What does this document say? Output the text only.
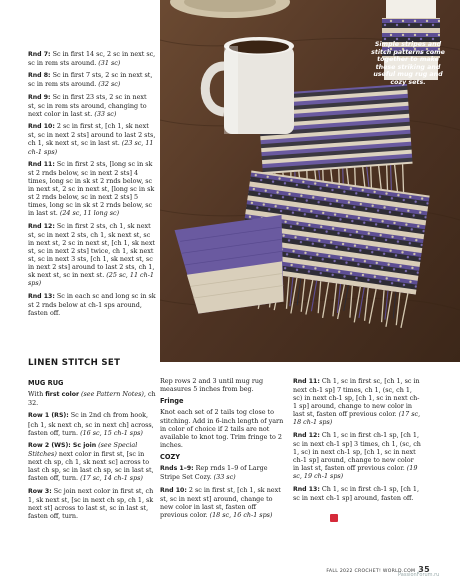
Rnd 7: Sc in first 14 sc, 2 sc in next sc, sc in rem sts around. (31 sc)

Rnd 8: Sc in first 7 sts, 2 sc in next st, sc in rem sts around. (32 sc)

Rnd 9: Sc in first 23 sts, 2 sc in next st, sc in rem sts around, changing to next color in last st. (33 sc)

Rnd 10: 2 sc in first st, [ch 1, sk next st, sc in next 2 sts] around to last 2 sts, ch 1, sk next st, sc in last st. (23 sc, 11 ch-1 sps)

Rnd 11: Sc in first 2 sts, [long sc in sk st 2 rnds below, sc in next 2 sts] 4 times, long sc in sk st 2 rnds below, sc in next st, 2 sc in next st, [long sc in sk st 2 rnds below, sc in next 2 sts] 5 times, long sc in sk st 2 rnds below, sc in last st. (24 sc, 11 long sc)

Rnd 12: Sc in first 2 sts, ch 1, sk next st, sc in next 2 sts, ch 1, sk next st, sc in next st, 2 sc in next st, [ch 1, sk next st, sc in next 2 sts] twice, ch 1, sk next st, sc in next 3 sts, [ch 1, sk next st, sc in next 2 sts] around to last 2 sts, ch 1, sk next st, sc in next st. (25 sc, 11 ch-1 sps)

Rnd 13: Sc in each sc and long sc in sk st 2 rnds below at ch-1 sps around, fasten off.

Simple stripes and stitch patterns come together to make these striking and useful mug rug and cozy sets.
LINEN STITCH SET
MUG RUG

With first color (see Pattern Notes), ch 32.

Row 1 (RS): Sc in 2nd ch from hook, [ch 1, sk next ch, sc in next ch] across, fasten off, turn. (16 sc, 15 ch-1 sps)

Row 2 (WS): Sc join (see Special Stitches) next color in first st, [sc in next ch sp, ch 1, sk next sc] across to last ch sp, sc in last ch sp, sc in last st, fasten off, turn. (17 sc, 14 ch-1 sps)

Row 3: Sc join next color in first st, ch 1, sk next st, [sc in next ch sp, ch 1, sk next st] across to last st, sc in last st, fasten off, turn.

Rep rows 2 and 3 until mug rug measures 5 inches from beg.

Fringe

Knot each set of 2 tails tog close to stitching. Add in 6-inch length of yarn in color of choice if 2 tails are not available to knot tog. Trim fringe to 2 inches.

COZY

Rnds 1–9: Rep rnds 1–9 of Large Stripe Set Cozy. (33 sc)

Rnd 10: 2 sc in first st, [ch 1, sk next st, sc in next st] around, change to new color in last st, fasten off previous color. (18 sc, 16 ch-1 sps)

Rnd 11: Ch 1, sc in first sc, [ch 1, sc in next ch-1 sp] 7 times, ch 1, (sc, ch 1, sc) in next ch-1 sp, [ch 1, sc in next ch-1 sp] around, change to new color in last st, fasten off previous color. (17 sc, 18 ch-1 sps)

Rnd 12: Ch 1, sc in first ch-1 sp, [ch 1, sc in next ch-1 sp] 3 times, ch 1, (sc, ch 1, sc) in next ch-1 sp, [ch 1, sc in next ch-1 sp] around, change to new color in last st, fasten off previous color. (19 sc, 19 ch-1 sps)

Rnd 13: Ch 1, sc in first ch-1 sp, [ch 1, sc in next ch-1 sp] around, fasten off.

FALL 2022 CROCHET! WORLD.COM 35
PassionForum.ru
